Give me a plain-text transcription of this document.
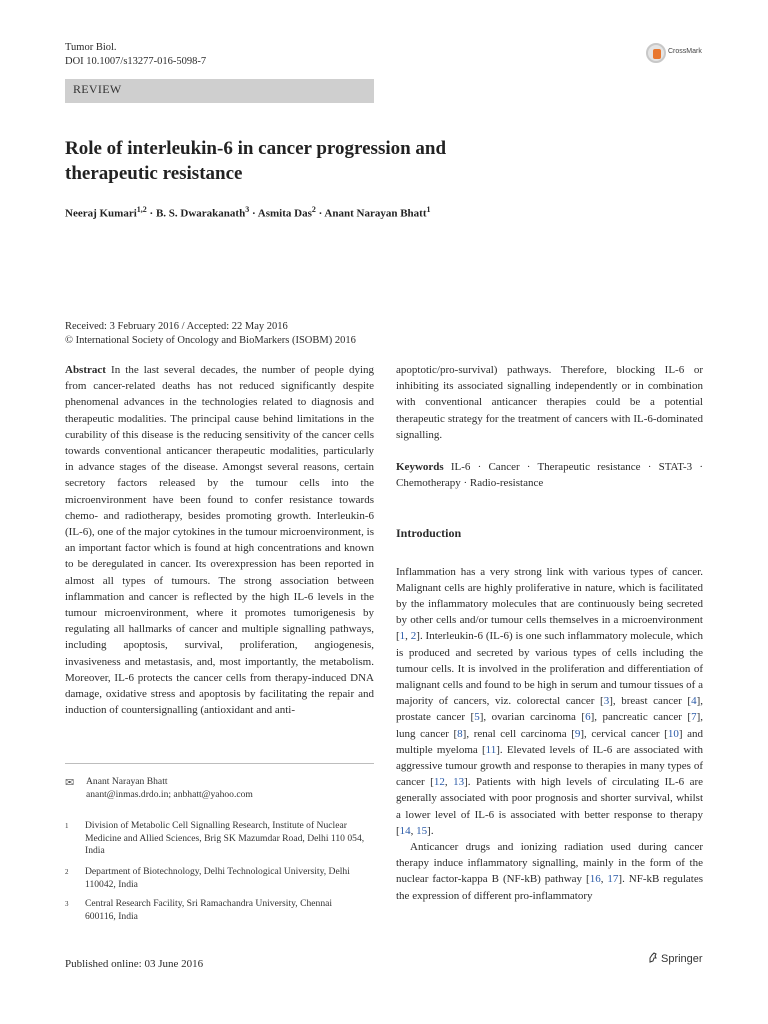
Tumor Biol.
DOI 10.1007/s13277-016-5098-7
CrossMark
REVIEW
Role of interleukin-6 in cancer progression and therapeutic resistance
Neeraj Kumari$^{1,2}$ · B. S. Dwarakanath$^3$ · Asmita Das$^2$ · Anant Narayan Bhatt$^1$
Received: 3 February 2016 / Accepted: 22 May 2016
© International Society of Oncology and BioMarkers (ISOBM) 2016

Abstract In the last several decades, the number of people dying from cancer-related deaths has not reduced significantly despite phenomenal advances in the technologies related to diagnosis and therapeutic modalities. The principal cause behind limitations in the curability of this disease is the reducing sensitivity of the cancer cells towards conventional anticancer therapeutic modalities, particularly in advance stages of the disease. Amongst several reasons, certain secretory factors released by the tumour cells into the microenvironment have been found to confer resistance towards chemo- and radiotherapy, besides promoting growth. Interleukin-6 (IL-6), one of the major cytokines in the tumour microenvironment, is an important factor which is found at high concentrations and known to be deregulated in cancer. Its overexpression has been reported in almost all types of tumours. The strong association between inflammation and cancer is reflected by the high IL-6 levels in the tumour microenvironment, where it promotes tumorigenesis by regulating all hallmarks of cancer and multiple signalling pathways, including apoptosis, survival, proliferation, angiogenesis, invasiveness and metastasis, and, most importantly, the metabolism. Moreover, IL-6 protects the cancer cells from therapy-induced DNA damage, oxidative stress and apoptosis by facilitating the repair and induction of countersignalling (antioxidant and anti-

✉ Anant Narayan Bhatt
anant@inmas.drdo.in; anbhatt@yahoo.com
1 Division of Metabolic Cell Signalling Research, Institute of Nuclear Medicine and Allied Sciences, Brig SK Mazumdar Road, Delhi 110 054, India
2 Department of Biotechnology, Delhi Technological University, Delhi 110042, India
3 Central Research Facility, Sri Ramachandra University, Chennai 600116, India

apoptotic/pro-survival) pathways. Therefore, blocking IL-6 or inhibiting its associated signalling independently or in combination with conventional anticancer therapies could be a potential therapeutic strategy for the treatment of cancers with IL-6-dominated signalling.

Keywords IL-6 · Cancer · Therapeutic resistance · STAT-3 · Chemotherapy · Radio-resistance

Introduction

Inflammation has a very strong link with various types of cancer. Malignant cells are highly proliferative in nature, which is facilitated by the inflammatory molecules that are continuously being secreted by other cells and/or tumour cells themselves in a microenvironment [1, 2]. Interleukin-6 (IL-6) is one such inflammatory molecule, which is produced and secreted by various types of cells including the tumour cells. It is involved in the proliferation and differentiation of malignant cells and found to be high in serum and tumour tissues of a majority of cancers, viz. colorectal cancer [3], breast cancer [4], prostate cancer [5], ovarian carcinoma [6], pancreatic cancer [7], lung cancer [8], renal cell carcinoma [9], cervical cancer [10] and multiple myeloma [11]. Elevated levels of IL-6 are associated with aggressive tumour growth and response to therapies in many types of cancer [12, 13]. Patients with high levels of circulating IL-6 are generally associated with poor prognosis and shorter survival, whilst a lower level of IL-6 is associated with better response to therapy [14, 15].

Anticancer drugs and ionizing radiation used during cancer therapy induce inflammatory signalling, mainly in the form of the nuclear factor-kappa B (NF-kB) pathway [16, 17]. NF-kB regulates the expression of different pro-inflammatory

Published online: 03 June 2016	Springer
